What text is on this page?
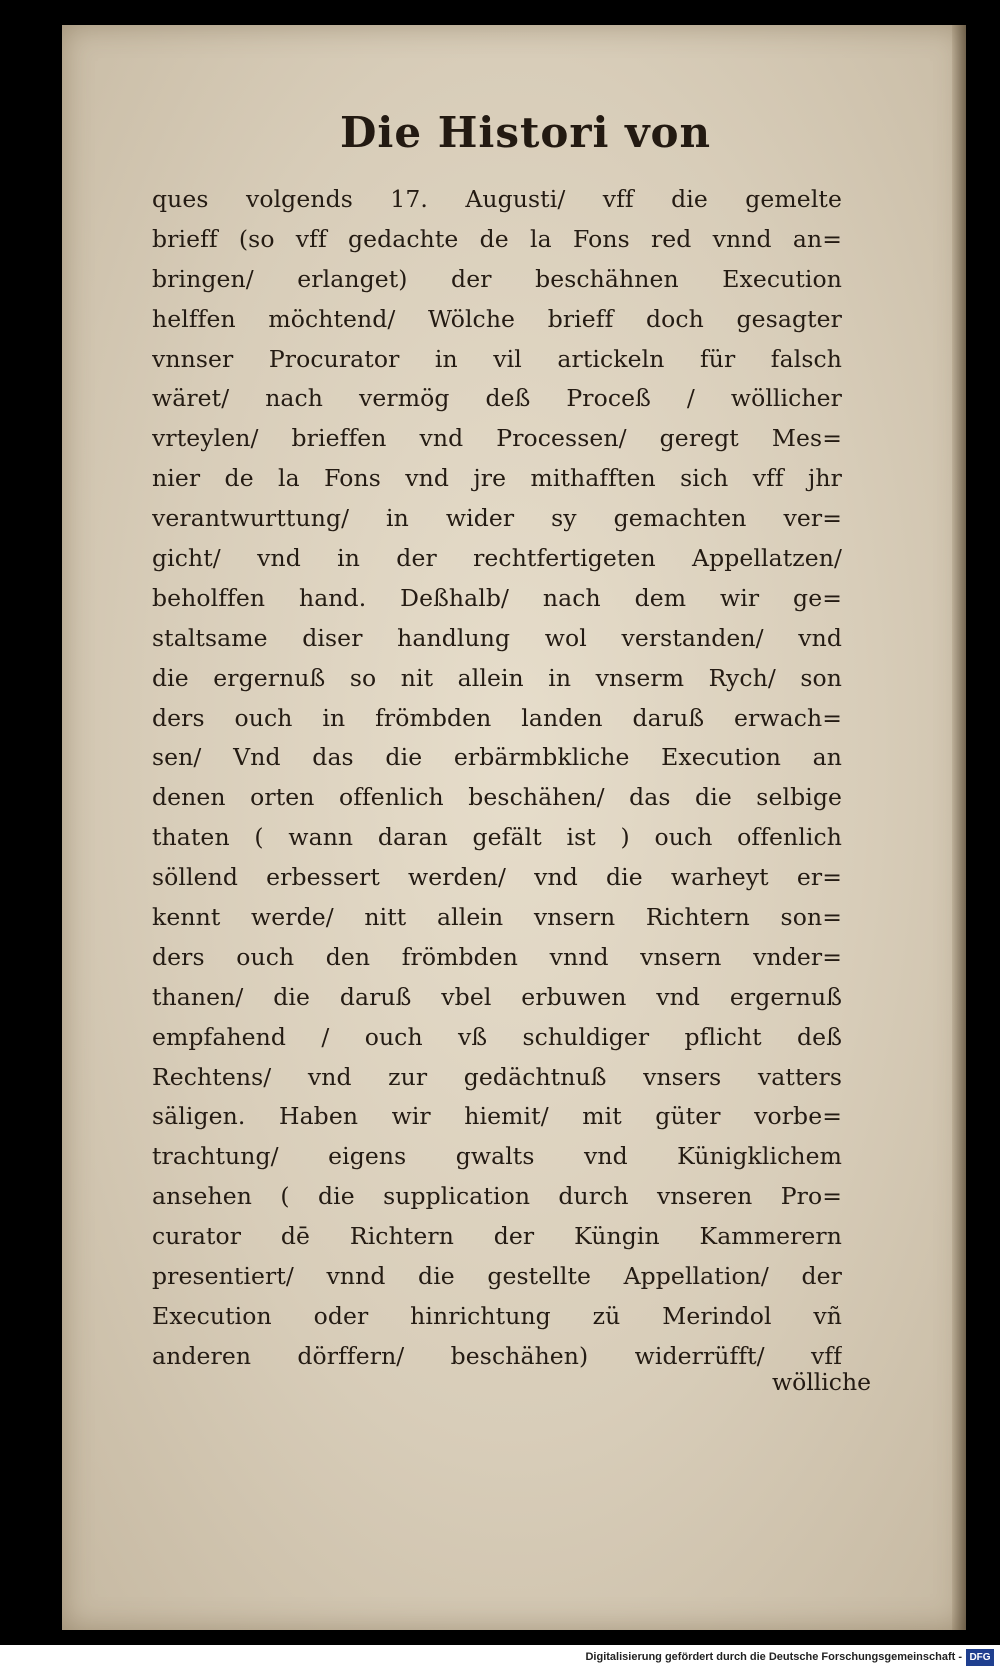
Die Histori von
ques volgends 17. Augusti/ vff die gemelte
brieff (so vff gedachte de la Fons red vnnd an=
bringen/ erlanget) der beschähnen Execution
helffen möchtend/ Wölche brieff doch gesagter
vnnser Procurator in vil artickeln für falsch
wäret/ nach vermög deß Proceß / wöllicher
vrteylen/ brieffen vnd Processen/ geregt Mes=
nier de la Fons vnd jre mithafften sich vff jhr
verantwurttung/ in wider sy gemachten ver=
gicht/ vnd in der rechtfertigeten Appellatzen/
beholffen hand. Deßhalb/ nach dem wir ge=
staltsame diser handlung wol verstanden/ vnd
die ergernuß so nit allein in vnserm Rych/ son
ders ouch in frömbden landen daruß erwach=
sen/ Vnd das die erbärmbkliche Execution an
denen orten offenlich beschähen/ das die selbige
thaten ( wann daran gefält ist ) ouch offenlich
söllend erbessert werden/ vnd die warheyt er=
kennt werde/ nitt allein vnsern Richtern son=
ders ouch den frömbden vnnd vnsern vnder=
thanen/ die daruß vbel erbuwen vnd ergernuß
empfahend / ouch vß schuldiger pflicht deß
Rechtens/ vnd zur gedächtnuß vnsers vatters
säligen. Haben wir hiemit/ mit güter vorbe=
trachtung/ eigens gwalts vnd Künigklichem
ansehen ( die supplication durch vnseren Pro=
curator dē Richtern der Küngin Kammerern
presentiert/ vnnd die gestellte Appellation/ der
Execution oder hinrichtung zü Merindol vñ
anderen dörffern/ beschähen) widerrüfft/ vff
wölliche
Digitalisierung gefördert durch die Deutsche Forschungsgemeinschaft - DFG
